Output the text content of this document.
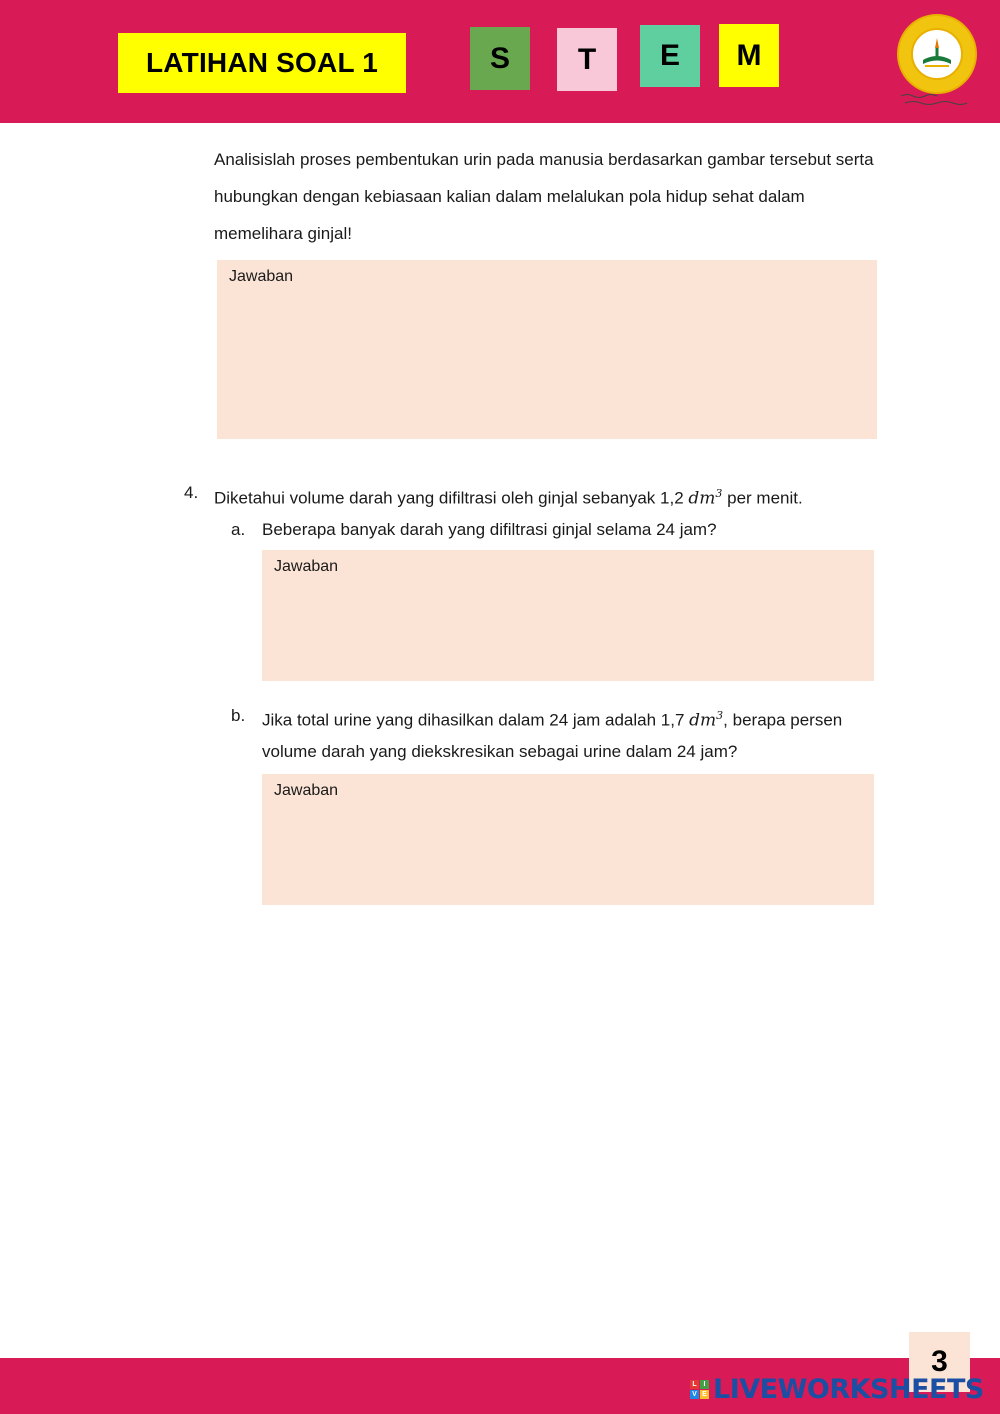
LATIHAN SOAL 1	S T E M
Analisislah proses pembentukan urin pada manusia berdasarkan gambar tersebut serta hubungkan dengan kebiasaan kalian dalam melalukan pola hidup sehat dalam memelihara ginjal!
Jawaban
4. Diketahui volume darah yang difiltrasi oleh ginjal sebanyak 1,2 $dm^3$ per menit.
a. Beberapa banyak darah yang difiltrasi ginjal selama 24 jam?
Jawaban
b. Jika total urine yang dihasilkan dalam 24 jam adalah 1,7 $dm^3$, berapa persen
volume darah yang diekskresikan sebagai urine dalam 24 jam?
Jawaban
3
L I
V E LIVEWORKSHEETS
